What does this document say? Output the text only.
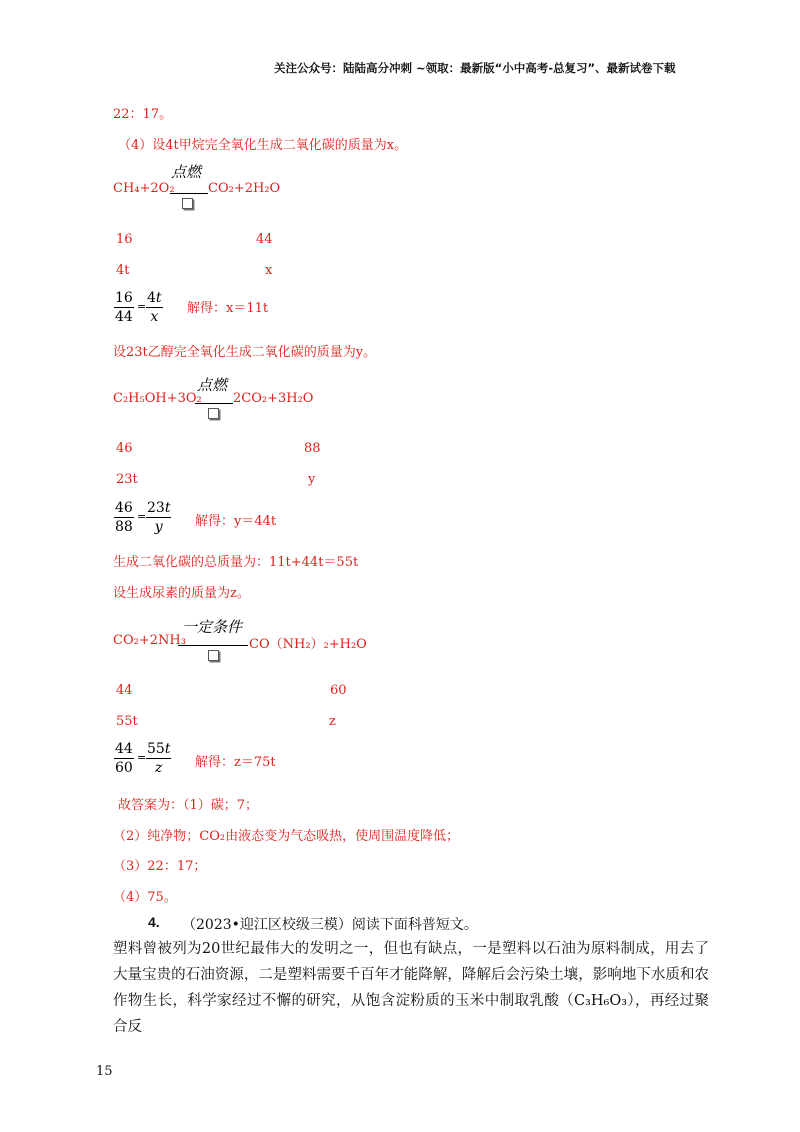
关注公众号：陆陆高分冲刺 ~领取：最新版“小中高考-总复习”、最新试卷下载
22：17。
（4）设4t甲烷完全氧化生成二氧化碳的质量为x。
点燃
CH₄+2O₂	CO₂+2H₂O
16	44
4t	x
$\frac{16}{44} = \frac{4t}{x}$ 解得：x＝11t
设23t乙醇完全氧化生成二氧化碳的质量为y。
点燃
C₂H₅OH+3O₂ 2CO₂+3H₂O
46	88
23t	y
$\frac{46}{88} = \frac{23t}{y}$ 解得：y＝44t
生成二氧化碳的总质量为：11t+44t＝55t
设生成尿素的质量为z。
一定条件
CO₂+2NH₃	CO（NH₂）₂+H₂O
44	60
55t	z
$\frac{44}{60} = \frac{55t}{z}$ 解得：z＝75t
故答案为：（1）碳；7；
（2）纯净物；CO₂由液态变为气态吸热，使周围温度降低；
（3）22：17；
（4）75。
4. （2023•迎江区校级三模）阅读下面科普短文。
塑料曾被列为20世纪最伟大的发明之一，但也有缺点，一是塑料以石油为原料制成，用去了大量宝贵的石油资源，二是塑料需要千百年才能降解，降解后会污染土壤，影响地下水质和农作物生长，科学家经过不懈的研究，从饱含淀粉质的玉米中制取乳酸（C₃H₆O₃），再经过聚合反
15
